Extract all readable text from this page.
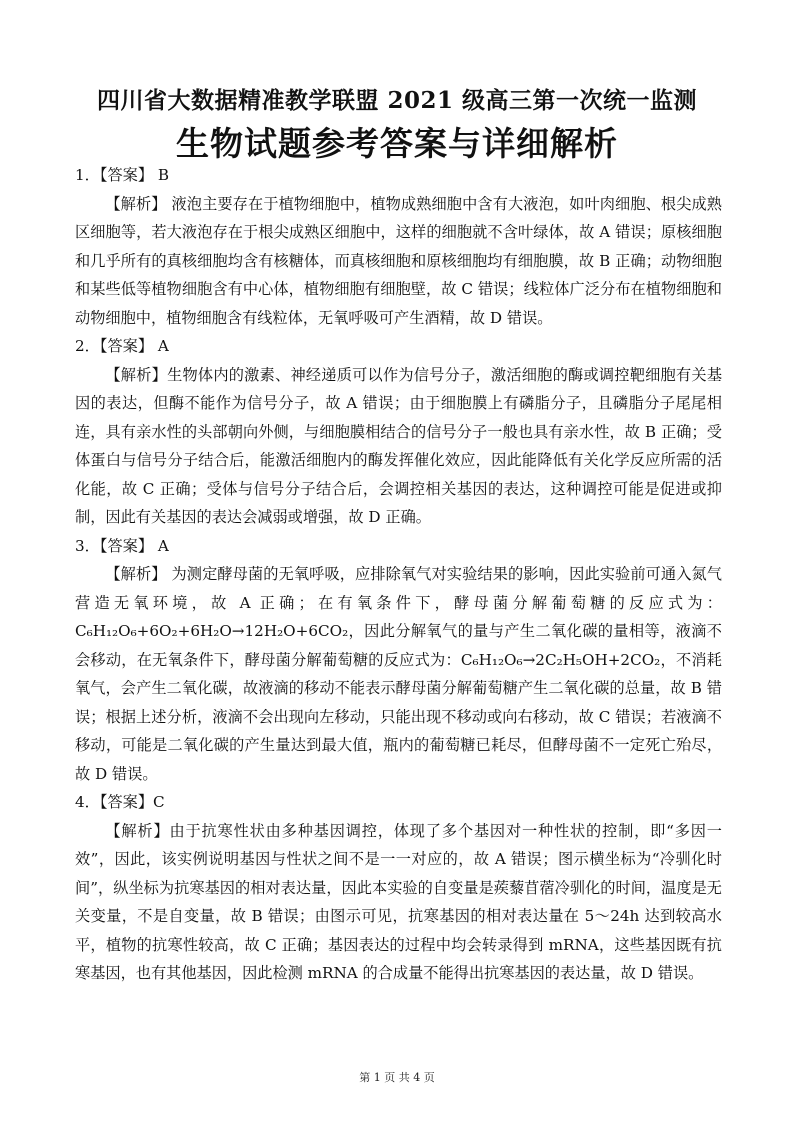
四川省大数据精准教学联盟 2021 级高三第一次统一监测
生物试题参考答案与详细解析
1．【答案】 B
【解析】 液泡主要存在于植物细胞中，植物成熟细胞中含有大液泡，如叶肉细胞、根尖成熟区细胞等，若大液泡存在于根尖成熟区细胞中，这样的细胞就不含叶绿体，故 A 错误；原核细胞和几乎所有的真核细胞均含有核糖体，而真核细胞和原核细胞均有细胞膜，故 B 正确；动物细胞和某些低等植物细胞含有中心体，植物细胞有细胞壁，故 C 错误；线粒体广泛分布在植物细胞和动物细胞中，植物细胞含有线粒体，无氧呼吸可产生酒精，故 D 错误。
2．【答案】 A
【解析】生物体内的激素、神经递质可以作为信号分子，激活细胞的酶或调控靶细胞有关基因的表达，但酶不能作为信号分子，故 A 错误；由于细胞膜上有磷脂分子，且磷脂分子尾尾相连，具有亲水性的头部朝向外侧，与细胞膜相结合的信号分子一般也具有亲水性，故 B 正确；受体蛋白与信号分子结合后，能激活细胞内的酶发挥催化效应，因此能降低有关化学反应所需的活化能，故 C 正确；受体与信号分子结合后，会调控相关基因的表达，这种调控可能是促进或抑制，因此有关基因的表达会减弱或增强，故 D 正确。
3．【答案】 A
【解析】 为测定酵母菌的无氧呼吸，应排除氧气对实验结果的影响，因此实验前可通入氮气营造无氧环境，故 A 正确；在有氧条件下，酵母菌分解葡萄糖的反应式为：C₆H₁₂O₆+6O₂+6H₂O→12H₂O+6CO₂，因此分解氧气的量与产生二氧化碳的量相等，液滴不会移动，在无氧条件下，酵母菌分解葡萄糖的反应式为：C₆H₁₂O₆→2C₂H₅OH+2CO₂，不消耗氧气，会产生二氧化碳，故液滴的移动不能表示酵母菌分解葡萄糖产生二氧化碳的总量，故 B 错误；根据上述分析，液滴不会出现向左移动，只能出现不移动或向右移动，故 C 错误；若液滴不移动，可能是二氧化碳的产生量达到最大值，瓶内的葡萄糖已耗尽，但酵母菌不一定死亡殆尽，故 D 错误。
4．【答案】C
【解析】由于抗寒性状由多种基因调控，体现了多个基因对一种性状的控制，即“多因一效”，因此，该实例说明基因与性状之间不是一一对应的，故 A 错误；图示横坐标为“冷驯化时间”，纵坐标为抗寒基因的相对表达量，因此本实验的自变量是蒺藜苜蓿冷驯化的时间，温度是无关变量，不是自变量，故 B 错误；由图示可见，抗寒基因的相对表达量在 5～24h 达到较高水平，植物的抗寒性较高，故 C 正确；基因表达的过程中均会转录得到 mRNA，这些基因既有抗寒基因，也有其他基因，因此检测 mRNA 的合成量不能得出抗寒基因的表达量，故 D 错误。
第 1 页 共 4 页
